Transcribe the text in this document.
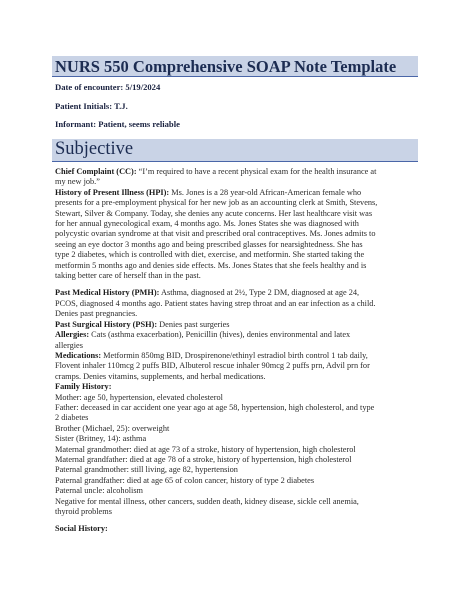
NURS 550 Comprehensive SOAP Note Template
Date of encounter: 5/19/2024
Patient Initials: T.J.
Informant: Patient, seems reliable
Subjective
Chief Complaint (CC): “I’m required to have a recent physical exam for the health insurance at
my new job.”
History of Present Illness (HPI): Ms. Jones is a 28 year-old African-American female who
presents for a pre-employment physical for her new job as an accounting clerk at Smith, Stevens,
Stewart, Silver & Company. Today, she denies any acute concerns. Her last healthcare visit was
for her annual gynecological exam, 4 months ago. Ms. Jones States she was diagnosed with
polycystic ovarian syndrome at that visit and prescribed oral contraceptives. Ms. Jones admits to
seeing an eye doctor 3 months ago and being prescribed glasses for nearsightedness. She has
type 2 diabetes, which is controlled with diet, exercise, and metformin. She started taking the
metformin 5 months ago and denies side effects. Ms. Jones States that she feels healthy and is
taking better care of herself than in the past.
Past Medical History (PMH): Asthma, diagnosed at 2½, Type 2 DM, diagnosed at age 24,
PCOS, diagnosed 4 months ago. Patient states having strep throat and an ear infection as a child.
Denies past pregnancies.
Past Surgical History (PSH): Denies past surgeries
Allergies: Cats (asthma exacerbation), Penicillin (hives), denies environmental and latex
allergies
Medications: Metformin 850mg BID, Drospirenone/ethinyl estradiol birth control 1 tab daily,
Flovent inhaler 110mcg 2 puffs BID, Albuterol rescue inhaler 90mcg 2 puffs prn, Advil prn for
cramps. Denies vitamins, supplements, and herbal medications.
Family History:
Mother: age 50, hypertension, elevated cholesterol
Father: deceased in car accident one year ago at age 58, hypertension, high cholesterol, and type
2 diabetes
Brother (Michael, 25): overweight
Sister (Britney, 14): asthma
Maternal grandmother: died at age 73 of a stroke, history of hypertension, high cholesterol
Maternal grandfather: died at age 78 of a stroke, history of hypertension, high cholesterol
Paternal grandmother: still living, age 82, hypertension
Paternal grandfather: died at age 65 of colon cancer, history of type 2 diabetes
Paternal uncle: alcoholism
Negative for mental illness, other cancers, sudden death, kidney disease, sickle cell anemia,
thyroid problems
Social History:
